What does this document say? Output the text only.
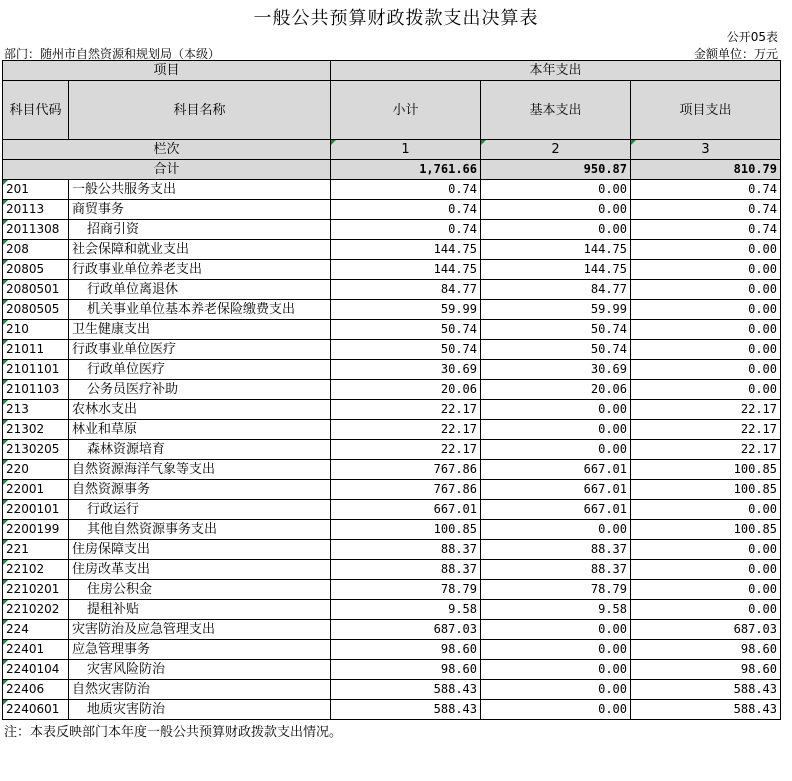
一般公共预算财政拨款支出决算表
公开05表
部门：随州市自然资源和规划局（本级）	金额单位：万元
项目		本年支出		
科目代码	科目名称	小计	基本支出	项目支出
栏次		1	2	3
合计		1,761.66	950.87	810.79
201	一般公共服务支出	0.74	0.00	0.74
20113	商贸事务	0.74	0.00	0.74
2011308	招商引资	0.74	0.00	0.74
208	社会保障和就业支出	144.75	144.75	0.00
20805	行政事业单位养老支出	144.75	144.75	0.00
2080501	行政单位离退休	84.77	84.77	0.00
2080505	机关事业单位基本养老保险缴费支出	59.99	59.99	0.00
210	卫生健康支出	50.74	50.74	0.00
21011	行政事业单位医疗	50.74	50.74	0.00
2101101	行政单位医疗	30.69	30.69	0.00
2101103	公务员医疗补助	20.06	20.06	0.00
213	农林水支出	22.17	0.00	22.17
21302	林业和草原	22.17	0.00	22.17
2130205	森林资源培育	22.17	0.00	22.17
220	自然资源海洋气象等支出	767.86	667.01	100.85
22001	自然资源事务	767.86	667.01	100.85
2200101	行政运行	667.01	667.01	0.00
2200199	其他自然资源事务支出	100.85	0.00	100.85
221	住房保障支出	88.37	88.37	0.00
22102	住房改革支出	88.37	88.37	0.00
2210201	住房公积金	78.79	78.79	0.00
2210202	提租补贴	9.58	9.58	0.00
224	灾害防治及应急管理支出	687.03	0.00	687.03
22401	应急管理事务	98.60	0.00	98.60
2240104	灾害风险防治	98.60	0.00	98.60
22406	自然灾害防治	588.43	0.00	588.43
2240601	地质灾害防治	588.43	0.00	588.43
注：本表反映部门本年度一般公共预算财政拨款支出情况。
